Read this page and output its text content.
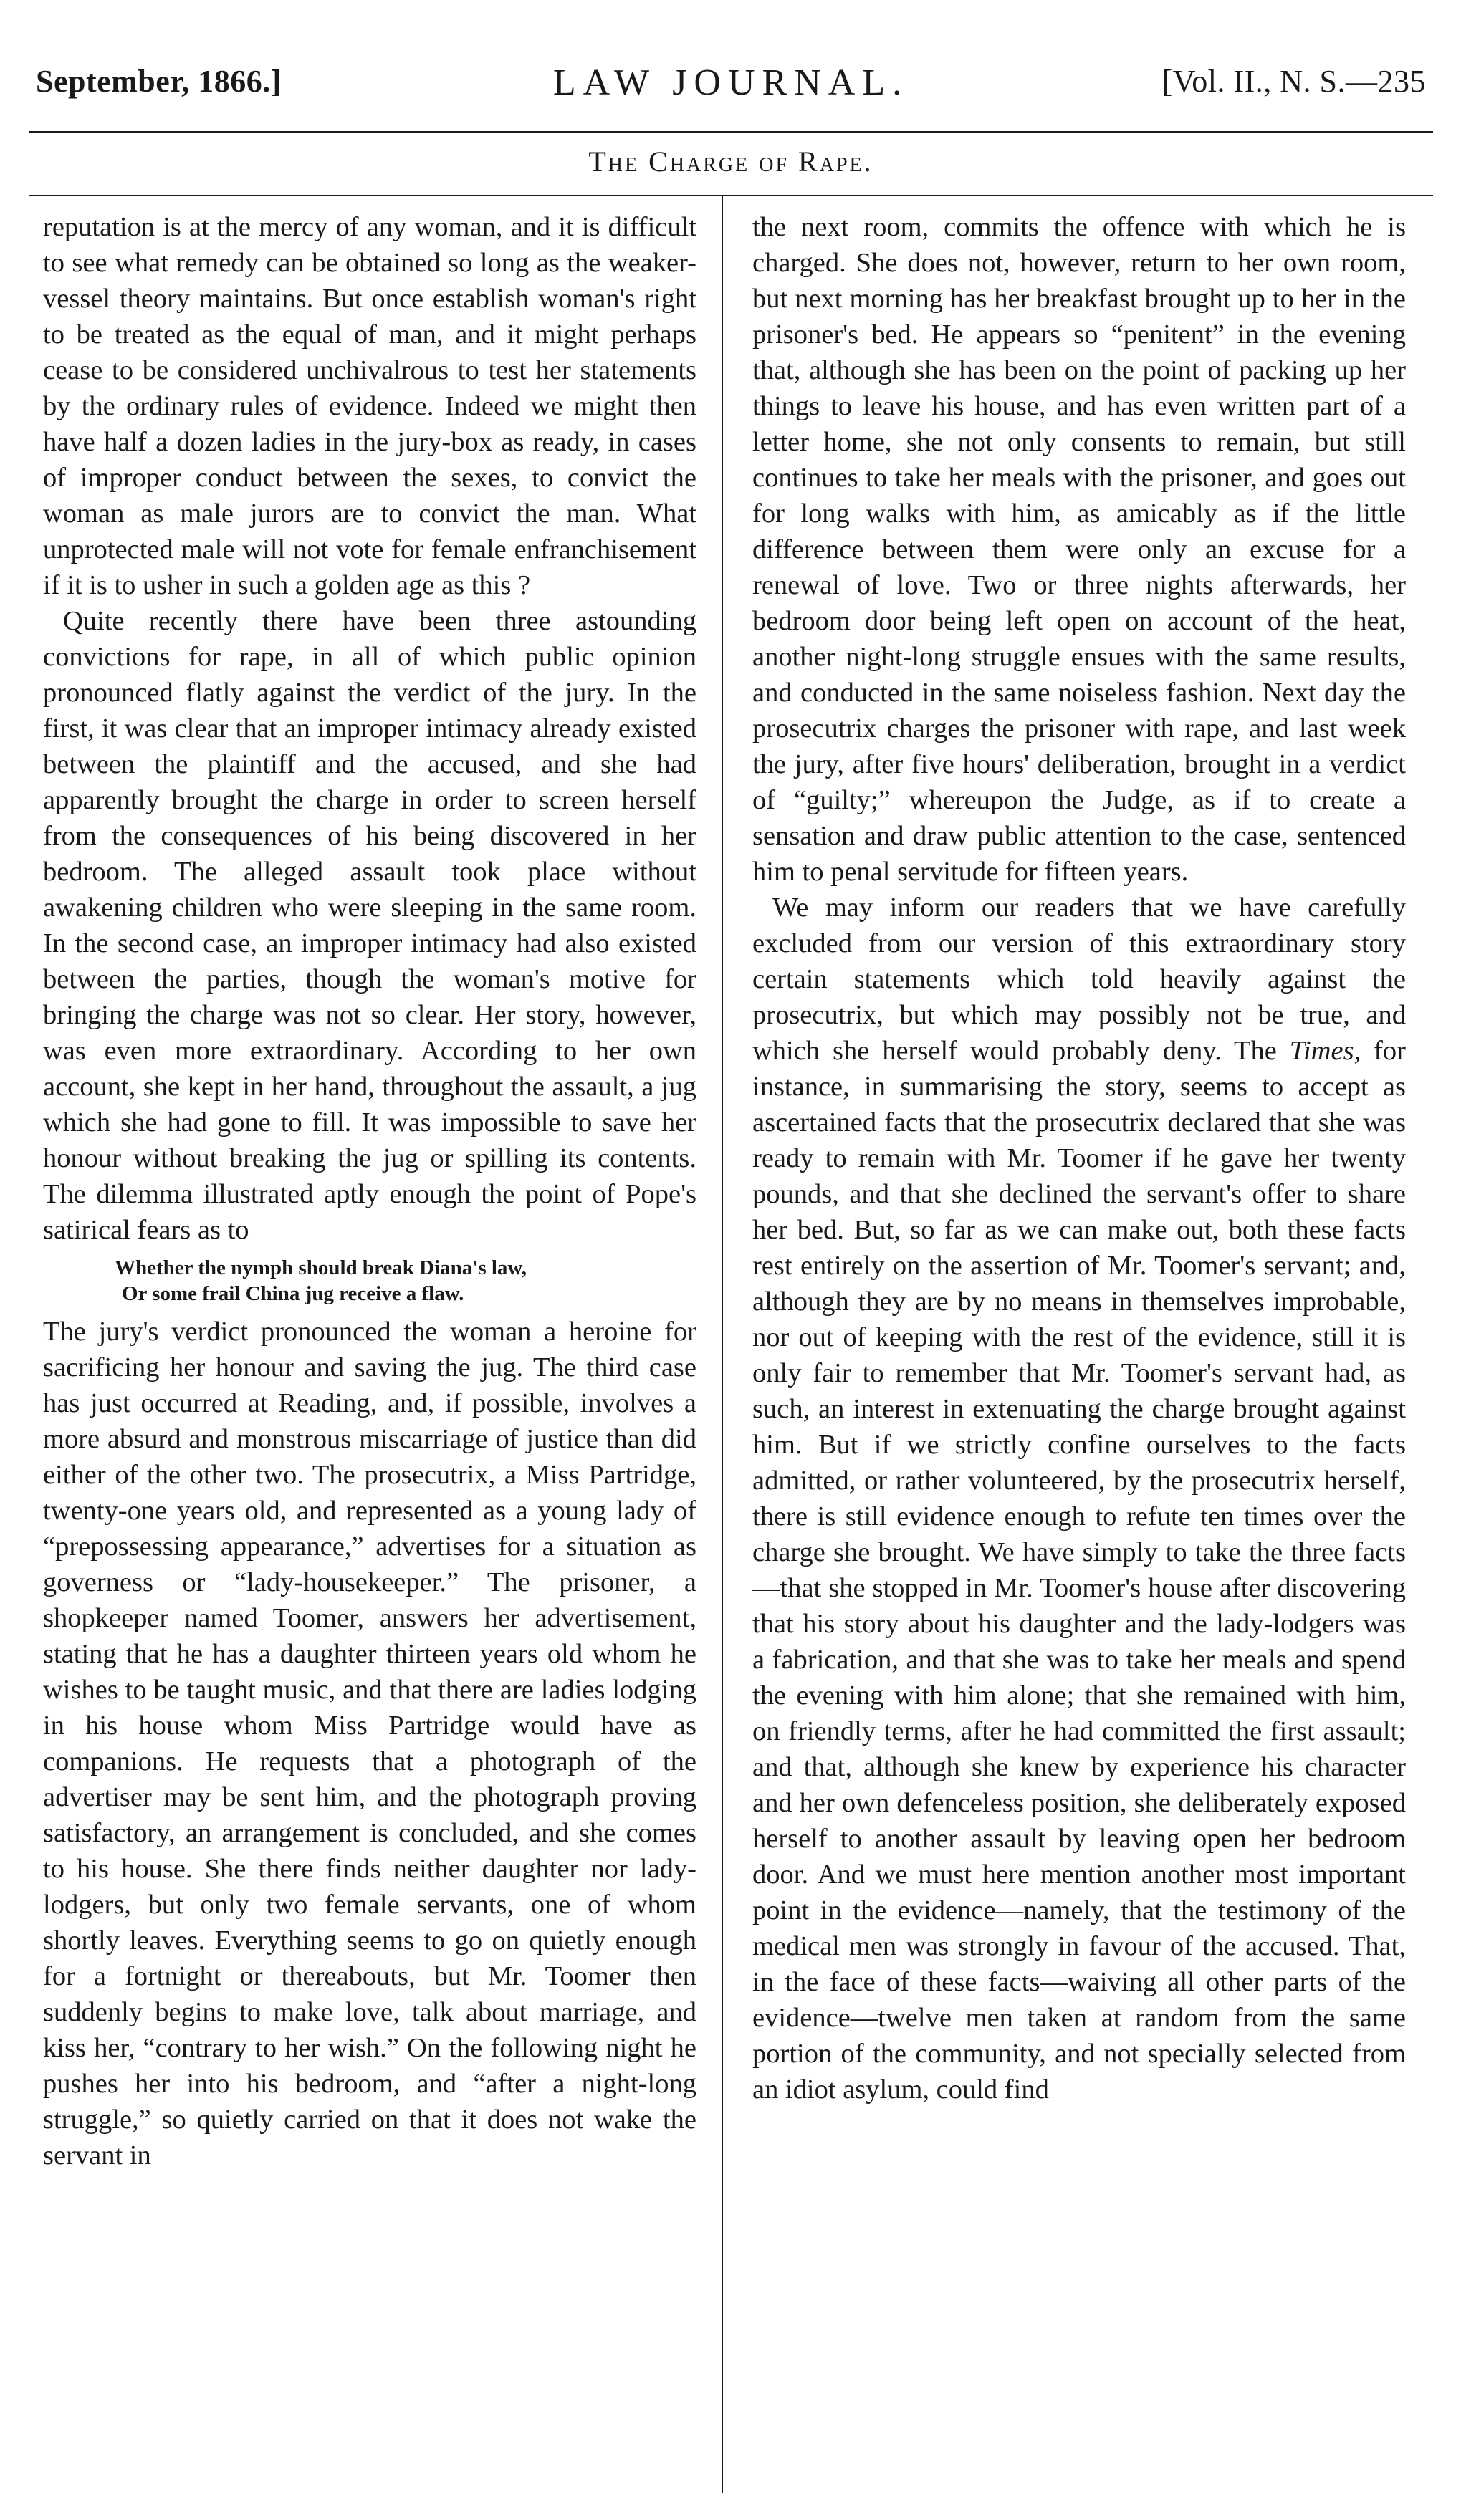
September, 1866.]	LAW JOURNAL.	[Vol. II., N. S.—235
The Charge of Rape.

reputation is at the mercy of any woman, and it is difficult to see what remedy can be obtained so long as the weaker-vessel theory maintains. But once establish woman's right to be treated as the equal of man, and it might perhaps cease to be considered unchivalrous to test her statements by the ordinary rules of evidence. Indeed we might then have half a dozen ladies in the jury-box as ready, in cases of improper conduct between the sexes, to convict the woman as male jurors are to convict the man. What unprotected male will not vote for female enfranchisement if it is to usher in such a golden age as this ?

Quite recently there have been three astounding convictions for rape, in all of which public opinion pronounced flatly against the verdict of the jury. In the first, it was clear that an improper intimacy already existed between the plaintiff and the accused, and she had apparently brought the charge in order to screen herself from the consequences of his being discovered in her bedroom. The alleged assault took place without awakening children who were sleeping in the same room. In the second case, an improper intimacy had also existed between the parties, though the woman's motive for bringing the charge was not so clear. Her story, however, was even more extraordinary. According to her own account, she kept in her hand, throughout the assault, a jug which she had gone to fill. It was impossible to save her honour without breaking the jug or spilling its contents. The dilemma illustrated aptly enough the point of Pope's satirical fears as to

Whether the nymph should break Diana's law,
Or some frail China jug receive a flaw.

The jury's verdict pronounced the woman a heroine for sacrificing her honour and saving the jug. The third case has just occurred at Reading, and, if possible, involves a more absurd and monstrous miscarriage of justice than did either of the other two. The prosecutrix, a Miss Partridge, twenty-one years old, and represented as a young lady of “prepossessing appearance,” advertises for a situation as governess or “lady-housekeeper.” The prisoner, a shopkeeper named Toomer, answers her advertisement, stating that he has a daughter thirteen years old whom he wishes to be taught music, and that there are ladies lodging in his house whom Miss Partridge would have as companions. He requests that a photograph of the advertiser may be sent him, and the photograph proving satisfactory, an arrangement is concluded, and she comes to his house. She there finds neither daughter nor lady-lodgers, but only two female servants, one of whom shortly leaves. Everything seems to go on quietly enough for a fortnight or thereabouts, but Mr. Toomer then suddenly begins to make love, talk about marriage, and kiss her, “contrary to her wish.” On the following night he pushes her into his bedroom, and “after a night-long struggle,” so quietly carried on that it does not wake the servant in

the next room, commits the offence with which he is charged. She does not, however, return to her own room, but next morning has her breakfast brought up to her in the prisoner's bed. He appears so “penitent” in the evening that, although she has been on the point of packing up her things to leave his house, and has even written part of a letter home, she not only consents to remain, but still continues to take her meals with the prisoner, and goes out for long walks with him, as amicably as if the little difference between them were only an excuse for a renewal of love. Two or three nights afterwards, her bedroom door being left open on account of the heat, another night-long struggle ensues with the same results, and conducted in the same noiseless fashion. Next day the prosecutrix charges the prisoner with rape, and last week the jury, after five hours' deliberation, brought in a verdict of “guilty;” whereupon the Judge, as if to create a sensation and draw public attention to the case, sentenced him to penal servitude for fifteen years.

We may inform our readers that we have carefully excluded from our version of this extraordinary story certain statements which told heavily against the prosecutrix, but which may possibly not be true, and which she herself would probably deny. The Times, for instance, in summarising the story, seems to accept as ascertained facts that the prosecutrix declared that she was ready to remain with Mr. Toomer if he gave her twenty pounds, and that she declined the servant's offer to share her bed. But, so far as we can make out, both these facts rest entirely on the assertion of Mr. Toomer's servant; and, although they are by no means in themselves improbable, nor out of keeping with the rest of the evidence, still it is only fair to remember that Mr. Toomer's servant had, as such, an interest in extenuating the charge brought against him. But if we strictly confine ourselves to the facts admitted, or rather volunteered, by the prosecutrix herself, there is still evidence enough to refute ten times over the charge she brought. We have simply to take the three facts—that she stopped in Mr. Toomer's house after discovering that his story about his daughter and the lady-lodgers was a fabrication, and that she was to take her meals and spend the evening with him alone; that she remained with him, on friendly terms, after he had committed the first assault; and that, although she knew by experience his character and her own defenceless position, she deliberately exposed herself to another assault by leaving open her bedroom door. And we must here mention another most important point in the evidence—namely, that the testimony of the medical men was strongly in favour of the accused. That, in the face of these facts—waiving all other parts of the evidence—twelve men taken at random from the same portion of the community, and not specially selected from an idiot asylum, could find
